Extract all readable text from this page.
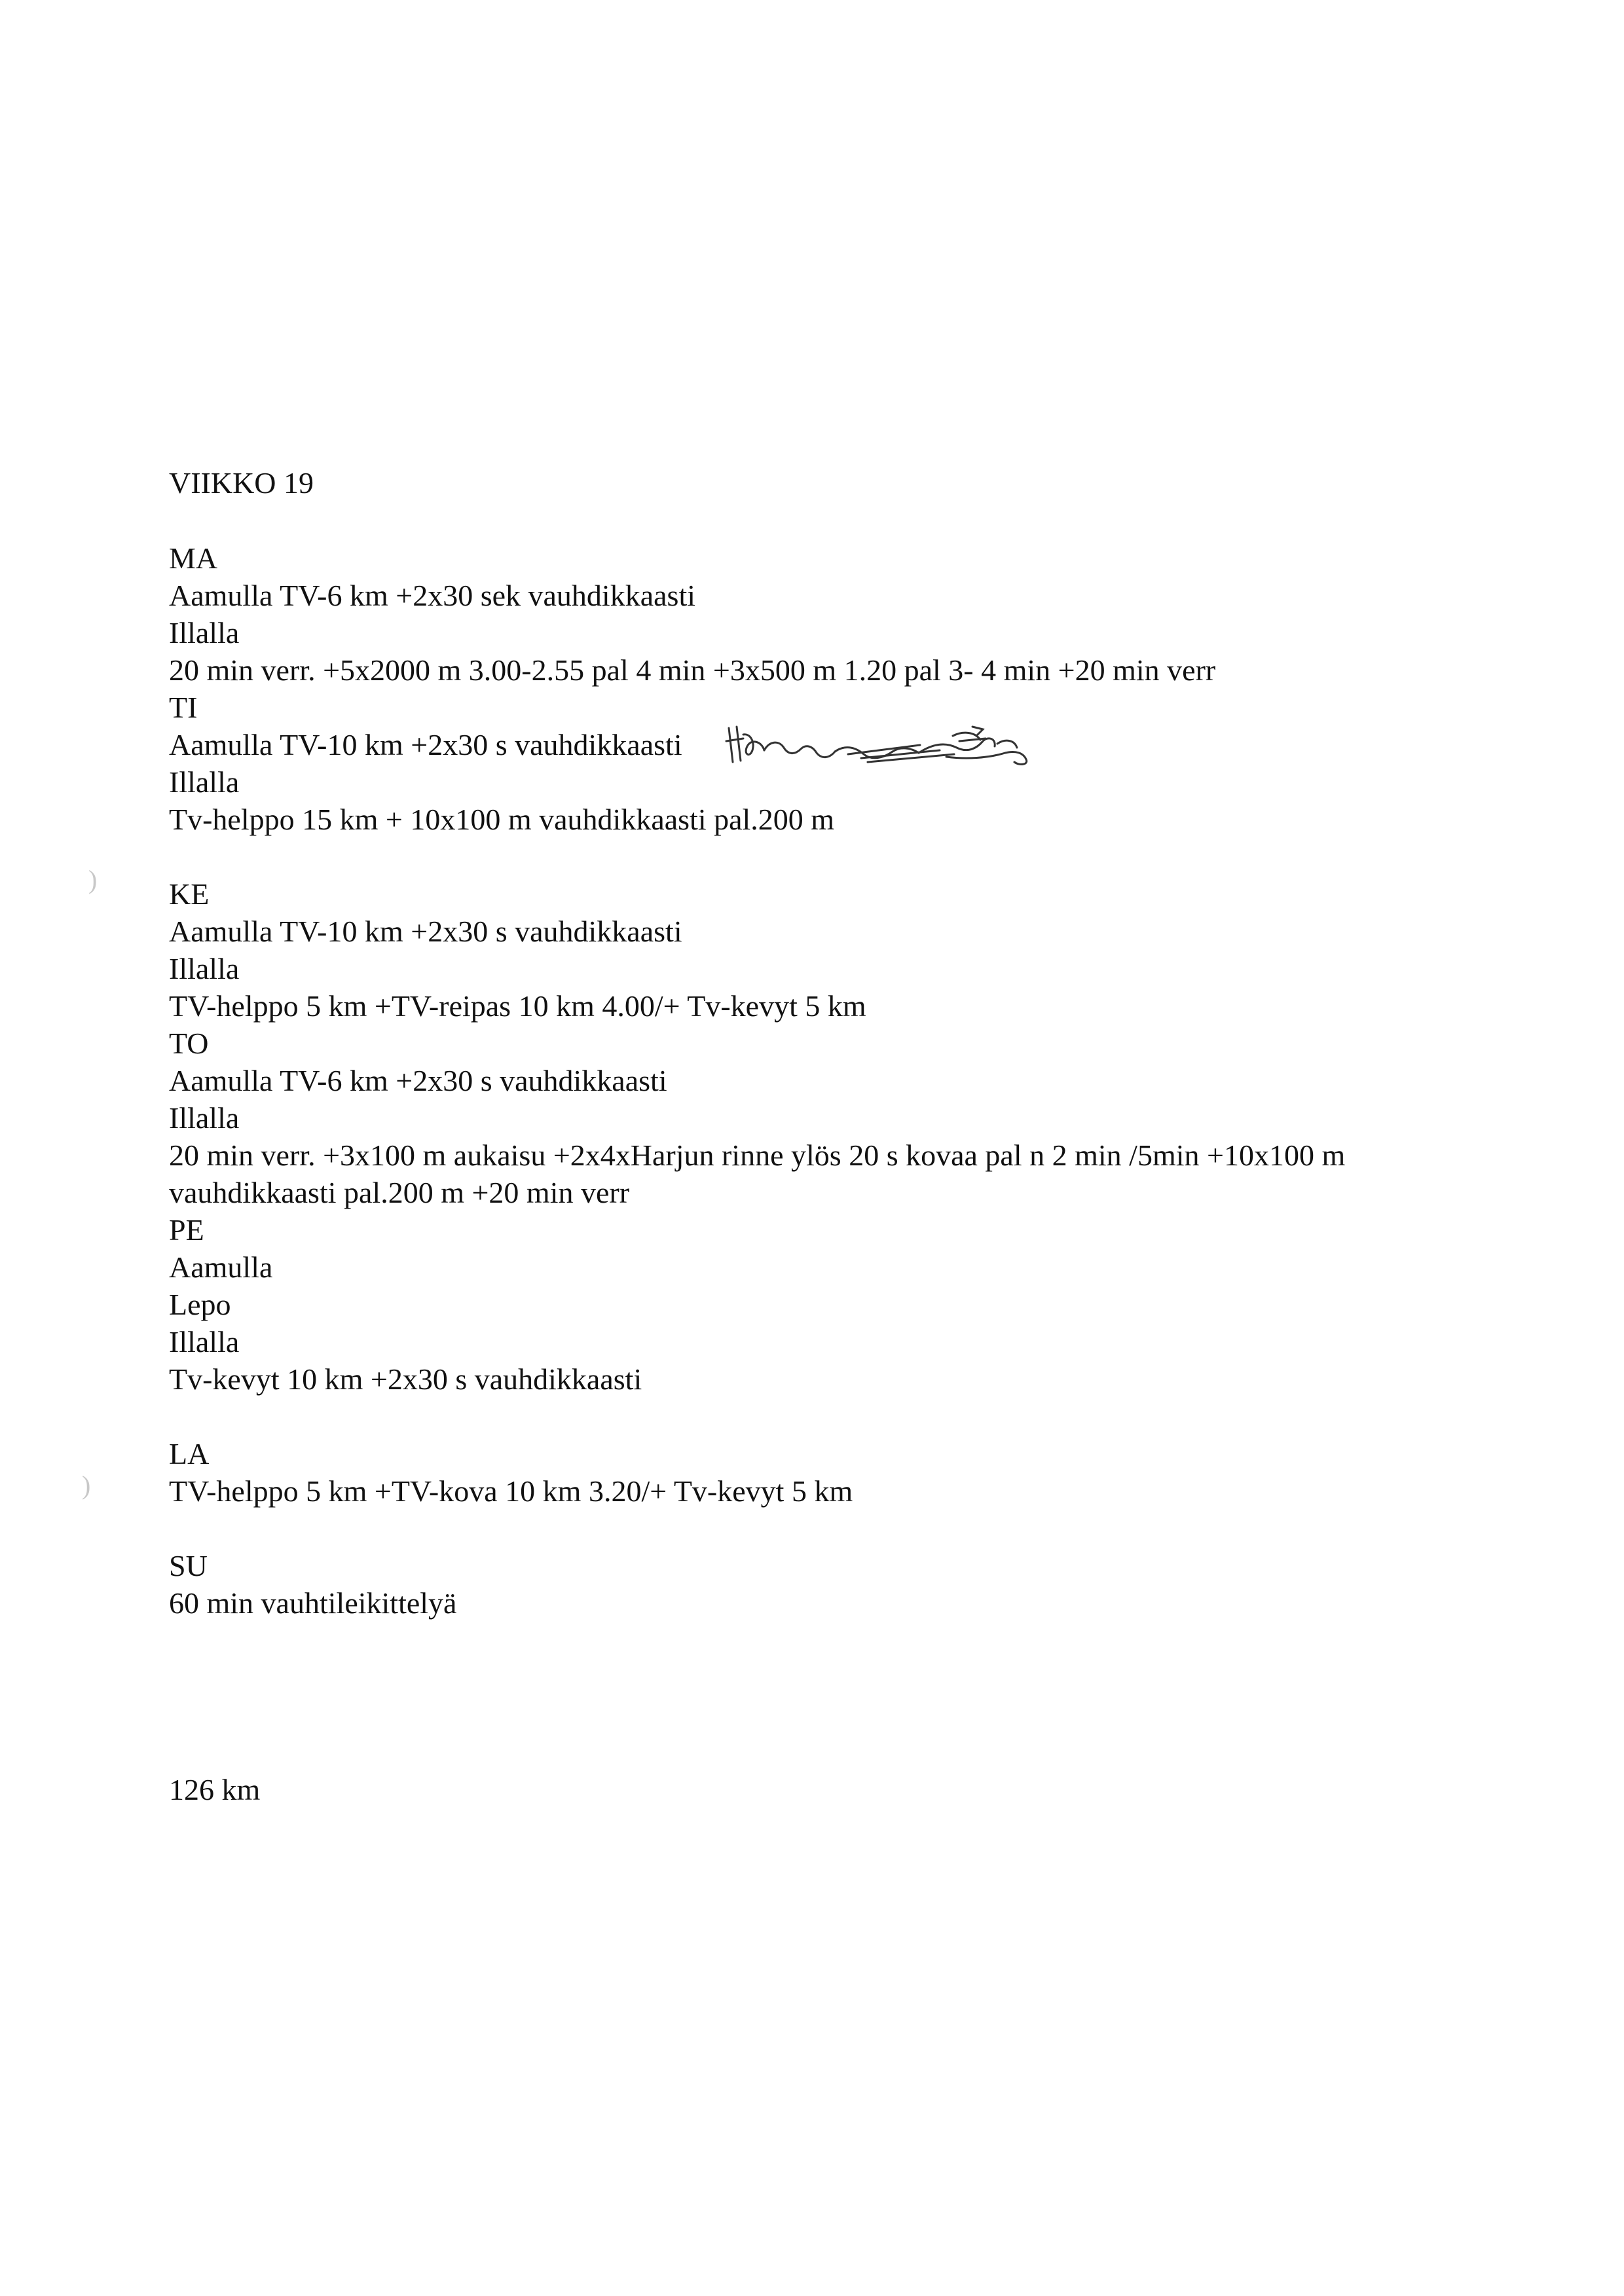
VIIKKO 19
MA
Aamulla TV-6 km +2x30 sek vauhdikkaasti
Illalla
20 min verr. +5x2000 m 3.00-2.55 pal 4 min +3x500 m 1.20 pal 3- 4 min +20 min verr
TI
Aamulla TV-10 km +2x30 s vauhdikkaasti
Illalla
Tv-helppo 15 km + 10x100 m vauhdikkaasti pal.200 m
KE
Aamulla TV-10 km +2x30 s vauhdikkaasti
Illalla
TV-helppo 5 km +TV-reipas 10 km 4.00/+ Tv-kevyt 5 km
TO
Aamulla TV-6 km +2x30 s vauhdikkaasti
Illalla
20 min verr. +3x100 m aukaisu +2x4xHarjun rinne ylös 20 s kovaa pal n 2 min /5min +10x100 m
vauhdikkaasti pal.200 m +20 min verr
PE
Aamulla
Lepo
Illalla
Tv-kevyt 10 km +2x30 s vauhdikkaasti
LA
TV-helppo 5 km +TV-kova 10 km 3.20/+ Tv-kevyt 5 km
SU
60 min vauhtileikittelyä
126 km
)
)
